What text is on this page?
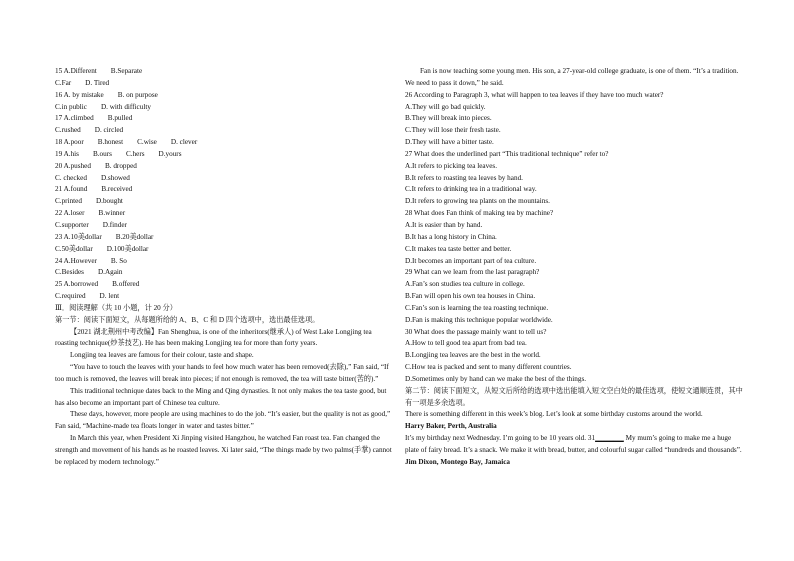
15 A.Different B.Separate
C.Far D. Tired
16 A. by mistake B. on purpose
C.in public D. with difficulty
17 A.climbed B.pulled
C.rushed D. circled
18 A.poor B.honest C.wise D. clever
19 A.his B.ours C.hers D.yours
20 A.pushed B. dropped
C. checked D.showed
21 A.found B.received
C.printed D.bought
22 A.loser B.winner
C.supporter D.finder
23 A.10美dollar B.20美dollar
C.50美dollar D.100美dollar
24 A.However B. So
C.Besides D.Again
25 A.borrowed B.offered
C.required D. lent
Ⅲ．阅读理解（共 10 小题，计 20 分）
第一节：阅读下面短文，从每题所给的 A、B、C 和 D 四个选项中，选出最佳选项。
【2021 湖北荆州中考改编】Fan Shenghua, is one of the inheritors(继承人) of West Lake Longjing tea roasting technique(炒茶技艺). He has been making Longjing tea for more than forty years.
Longjing tea leaves are famous for their colour, taste and shape.
“You have to touch the leaves with your hands to feel how much water has been removed(去除),” Fan said, “If too much is removed, the leaves will break into pieces; if not enough is removed, the tea will taste bitter(苦的).”
This traditional technique dates back to the Ming and Qing dynasties. It not only makes the tea taste good, but has also become an important part of Chinese tea culture.
These days, however, more people are using machines to do the job. “It’s easier, but the quality is not as good,” Fan said, “Machine-made tea floats longer in water and tastes bitter.”
In March this year, when President Xi Jinping visited Hangzhou, he watched Fan roast tea. Fan changed the strength and movement of his hands as he roasted leaves. Xi later said, “The things made by two palms(手掌) cannot be replaced by modern technology.”
Fan is now teaching some young men. His son, a 27-year-old college graduate, is one of them. “It’s a tradition. We need to pass it down,” he said.
26 According to Paragraph 3, what will happen to tea leaves if they have too much water?
A.They will go bad quickly.
B.They will break into pieces.
C.They will lose their fresh taste.
D.They will have a bitter taste.
27 What does the underlined part “This traditional technique” refer to?
A.It refers to picking tea leaves.
B.It refers to roasting tea leaves by hand.
C.It refers to drinking tea in a traditional way.
D.It refers to growing tea plants on the mountains.
28 What does Fan think of making tea by machine?
A.It is easier than by hand.
B.It has a long history in China.
C.It makes tea taste better and better.
D.It becomes an important part of tea culture.
29 What can we learn from the last paragraph?
A.Fan’s son studies tea culture in college.
B.Fan will open his own tea houses in China.
C.Fan’s son is learning the tea roasting technique.
D.Fan is making this technique popular worldwide.
30 What does the passage mainly want to tell us?
A.How to tell good tea apart from bad tea.
B.Longjing tea leaves are the best in the world.
C.How tea is packed and sent to many different countries.
D.Sometimes only by hand can we make the best of the things.
第二节：阅读下面短文，从短文后所给的选项中选出能填入短文空白处的最佳选项，使短文通顺连贯，其中有一项是多余选项。
There is something different in this week’s blog. Let’s look at some birthday customs around the world.
Harry Baker, Perth, Australia
It’s my birthday next Wednesday. I’m going to be 10 years old. 31________ My mum’s going to make me a huge plate of fairy bread. It’s a snack. We make it with bread, butter, and colourful sugar called “hundreds and thousands”.
Jim Dixon, Montego Bay, Jamaica
